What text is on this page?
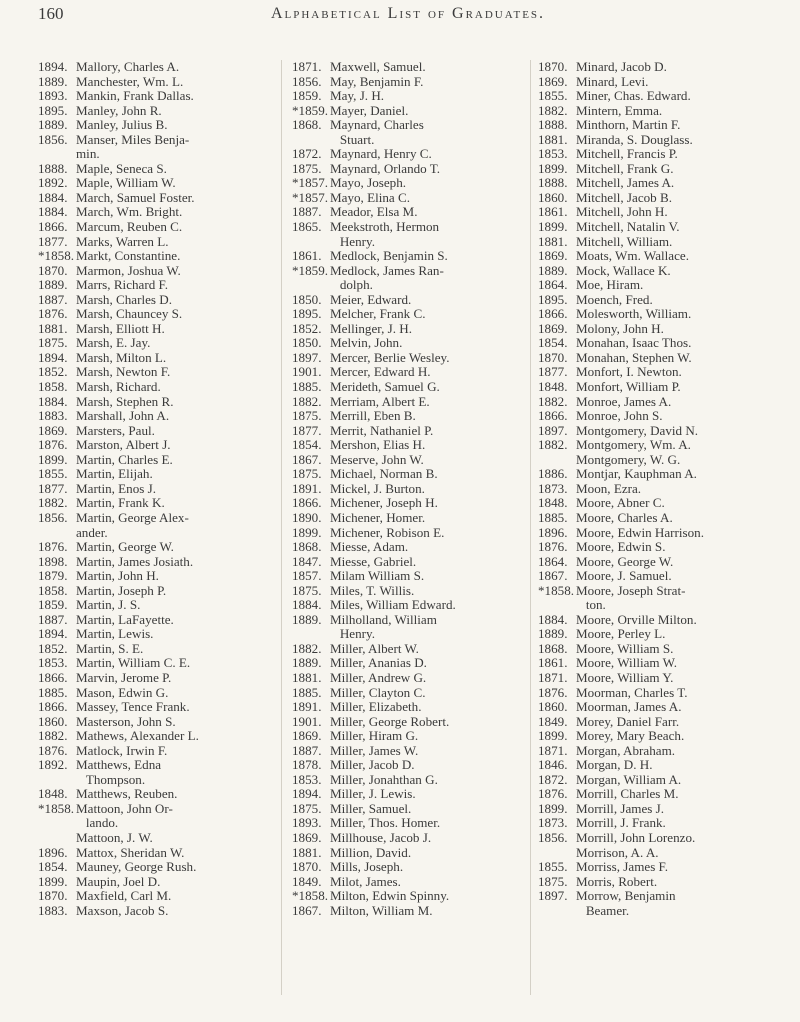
160	Alphabetical List of Graduates.
1894. Mallory, Charles A.
1889. Manchester, Wm. L.
1893. Mankin, Frank Dallas.
1895. Manley, John R.
1889. Manley, Julius B.
1856. Manser, Miles Benja-
min.
1888. Maple, Seneca S.
1892. Maple, William W.
1884. March, Samuel Foster.
1884. March, Wm. Bright.
1866. Marcum, Reuben C.
1877. Marks, Warren L.
*1858. Markt, Constantine.
1870. Marmon, Joshua W.
1889. Marrs, Richard F.
1887. Marsh, Charles D.
1876. Marsh, Chauncey S.
1881. Marsh, Elliott H.
1875. Marsh, E. Jay.
1894. Marsh, Milton L.
1852. Marsh, Newton F.
1858. Marsh, Richard.
1884. Marsh, Stephen R.
1883. Marshall, John A.
1869. Marsters, Paul.
1876. Marston, Albert J.
1899. Martin, Charles E.
1855. Martin, Elijah.
1877. Martin, Enos J.
1882. Martin, Frank K.
1856. Martin, George Alex-
ander.
1876. Martin, George W.
1898. Martin, James Josiath.
1879. Martin, John H.
1858. Martin, Joseph P.
1859. Martin, J. S.
1887. Martin, LaFayette.
1894. Martin, Lewis.
1852. Martin, S. E.
1853. Martin, William C. E.
1866. Marvin, Jerome P.
1885. Mason, Edwin G.
1866. Massey, Tence Frank.
1860. Masterson, John S.
1882. Mathews, Alexander L.
1876. Matlock, Irwin F.
1892. Matthews, Edna
Thompson.
1848. Matthews, Reuben.
*1858. Mattoon, John Or-
lando.
Mattoon, J. W.
1896. Mattox, Sheridan W.
1854. Mauney, George Rush.
1899. Maupin, Joel D.
1870. Maxfield, Carl M.
1883. Maxson, Jacob S.
1871. Maxwell, Samuel.
1856. May, Benjamin F.
1859. May, J. H.
*1859. Mayer, Daniel.
1868. Maynard, Charles
Stuart.
1872. Maynard, Henry C.
1875. Maynard, Orlando T.
*1857. Mayo, Joseph.
*1857. Mayo, Elina C.
1887. Meador, Elsa M.
1865. Meekstroth, Hermon
Henry.
1861. Medlock, Benjamin S.
*1859. Medlock, James Ran-
dolph.
1850. Meier, Edward.
1895. Melcher, Frank C.
1852. Mellinger, J. H.
1850. Melvin, John.
1897. Mercer, Berlie Wesley.
1901. Mercer, Edward H.
1885. Merideth, Samuel G.
1882. Merriam, Albert E.
1875. Merrill, Eben B.
1877. Merrit, Nathaniel P.
1854. Mershon, Elias H.
1867. Meserve, John W.
1875. Michael, Norman B.
1891. Mickel, J. Burton.
1866. Michener, Joseph H.
1890. Michener, Homer.
1899. Michener, Robison E.
1868. Miesse, Adam.
1847. Miesse, Gabriel.
1857. Milam William S.
1875. Miles, T. Willis.
1884. Miles, William Edward.
1889. Milholland, William
Henry.
1882. Miller, Albert W.
1889. Miller, Ananias D.
1881. Miller, Andrew G.
1885. Miller, Clayton C.
1891. Miller, Elizabeth.
1901. Miller, George Robert.
1869. Miller, Hiram G.
1887. Miller, James W.
1878. Miller, Jacob D.
1853. Miller, Jonahthan G.
1894. Miller, J. Lewis.
1875. Miller, Samuel.
1893. Miller, Thos. Homer.
1869. Millhouse, Jacob J.
1881. Million, David.
1870. Mills, Joseph.
1849. Milot, James.
*1858. Milton, Edwin Spinny.
1867. Milton, William M.
1870. Minard, Jacob D.
1869. Minard, Levi.
1855. Miner, Chas. Edward.
1882. Mintern, Emma.
1888. Minthorn, Martin F.
1881. Miranda, S. Douglass.
1853. Mitchell, Francis P.
1899. Mitchell, Frank G.
1888. Mitchell, James A.
1860. Mitchell, Jacob B.
1861. Mitchell, John H.
1899. Mitchell, Natalin V.
1881. Mitchell, William.
1869. Moats, Wm. Wallace.
1889. Mock, Wallace K.
1864. Moe, Hiram.
1895. Moench, Fred.
1866. Molesworth, William.
1869. Molony, John H.
1854. Monahan, Isaac Thos.
1870. Monahan, Stephen W.
1877. Monfort, I. Newton.
1848. Monfort, William P.
1882. Monroe, James A.
1866. Monroe, John S.
1897. Montgomery, David N.
1882. Montgomery, Wm. A.
Montgomery, W. G.
1886. Montjar, Kauphman A.
1873. Moon, Ezra.
1848. Moore, Abner C.
1885. Moore, Charles A.
1896. Moore, Edwin Harrison.
1876. Moore, Edwin S.
1864. Moore, George W.
1867. Moore, J. Samuel.
*1858. Moore, Joseph Strat-
ton.
1884. Moore, Orville Milton.
1889. Moore, Perley L.
1868. Moore, William S.
1861. Moore, William W.
1871. Moore, William Y.
1876. Moorman, Charles T.
1860. Moorman, James A.
1849. Morey, Daniel Farr.
1899. Morey, Mary Beach.
1871. Morgan, Abraham.
1846. Morgan, D. H.
1872. Morgan, William A.
1876. Morrill, Charles M.
1899. Morrill, James J.
1873. Morrill, J. Frank.
1856. Morrill, John Lorenzo.
Morrison, A. A.
1855. Morriss, James F.
1875. Morris, Robert.
1897. Morrow, Benjamin
Beamer.
